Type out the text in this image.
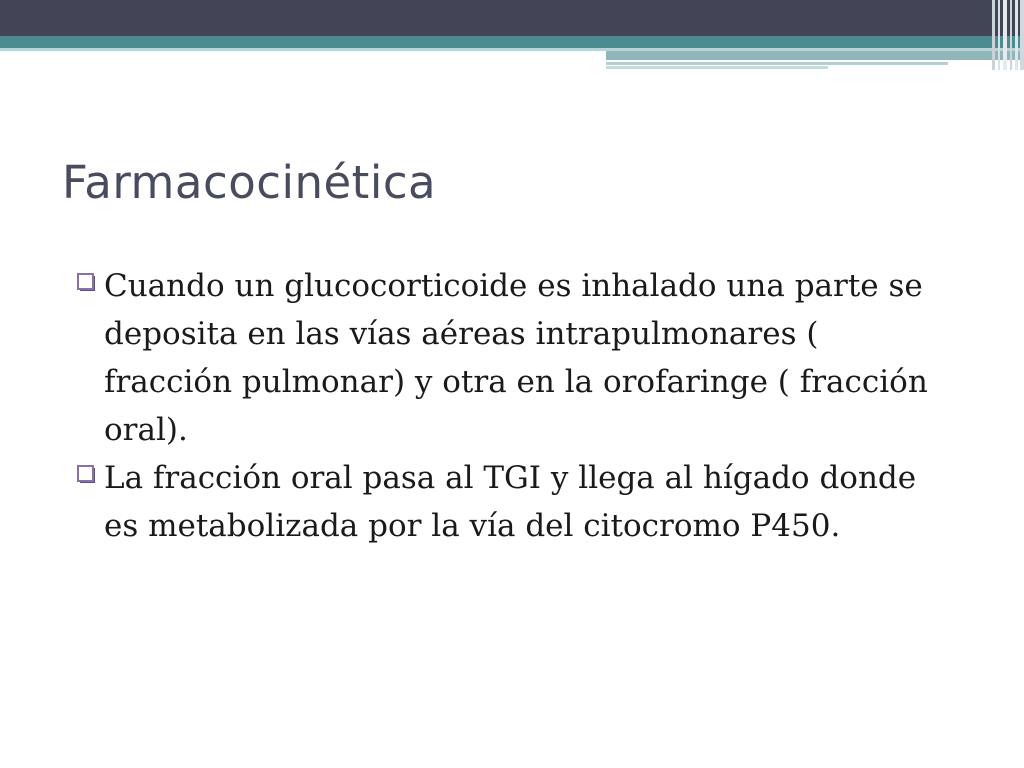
Farmacocinética
Cuando un glucocorticoide es inhalado una parte se deposita en las vías aéreas intrapulmonares ( fracción pulmonar) y otra en la orofaringe ( fracción oral).
La fracción oral pasa al TGI y llega al hígado donde es metabolizada por la vía del citocromo P450.
